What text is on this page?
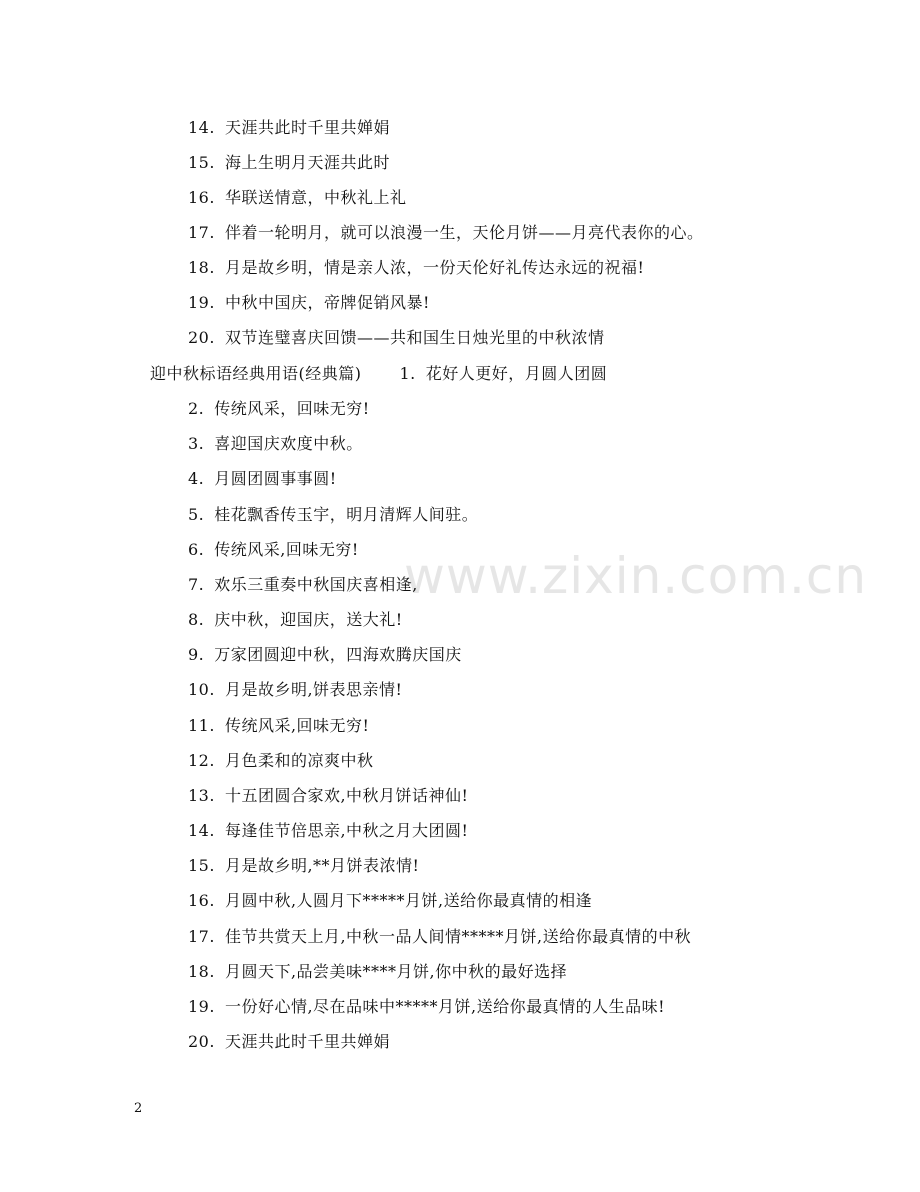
www.zixin.com.cn
14. 天涯共此时千里共婵娟
15. 海上生明月天涯共此时
16. 华联送情意，中秋礼上礼
17. 伴着一轮明月，就可以浪漫一生，天伦月饼——月亮代表你的心。
18. 月是故乡明，情是亲人浓，一份天伦好礼传达永远的祝福!
19. 中秋中国庆，帝牌促销风暴!
20. 双节连璧喜庆回馈——共和国生日烛光里的中秋浓情
迎中秋标语经典用语(经典篇) 1. 花好人更好，月圆人团圆
2. 传统风采，回味无穷!
3. 喜迎国庆欢度中秋。
4. 月圆团圆事事圆!
5. 桂花飘香传玉宇，明月清辉人间驻。
6. 传统风采,回味无穷!
7. 欢乐三重奏中秋国庆喜相逢,
8. 庆中秋，迎国庆，送大礼!
9. 万家团圆迎中秋，四海欢腾庆国庆
10. 月是故乡明,饼表思亲情!
11. 传统风采,回味无穷!
12. 月色柔和的凉爽中秋
13. 十五团圆合家欢,中秋月饼话神仙!
14. 每逢佳节倍思亲,中秋之月大团圆!
15. 月是故乡明,**月饼表浓情!
16. 月圆中秋,人圆月下*****月饼,送给你最真情的相逢
17. 佳节共赏天上月,中秋一品人间情*****月饼,送给你最真情的中秋
18. 月圆天下,品尝美味****月饼,你中秋的最好选择
19. 一份好心情,尽在品味中*****月饼,送给你最真情的人生品味!
20. 天涯共此时千里共婵娟
2
